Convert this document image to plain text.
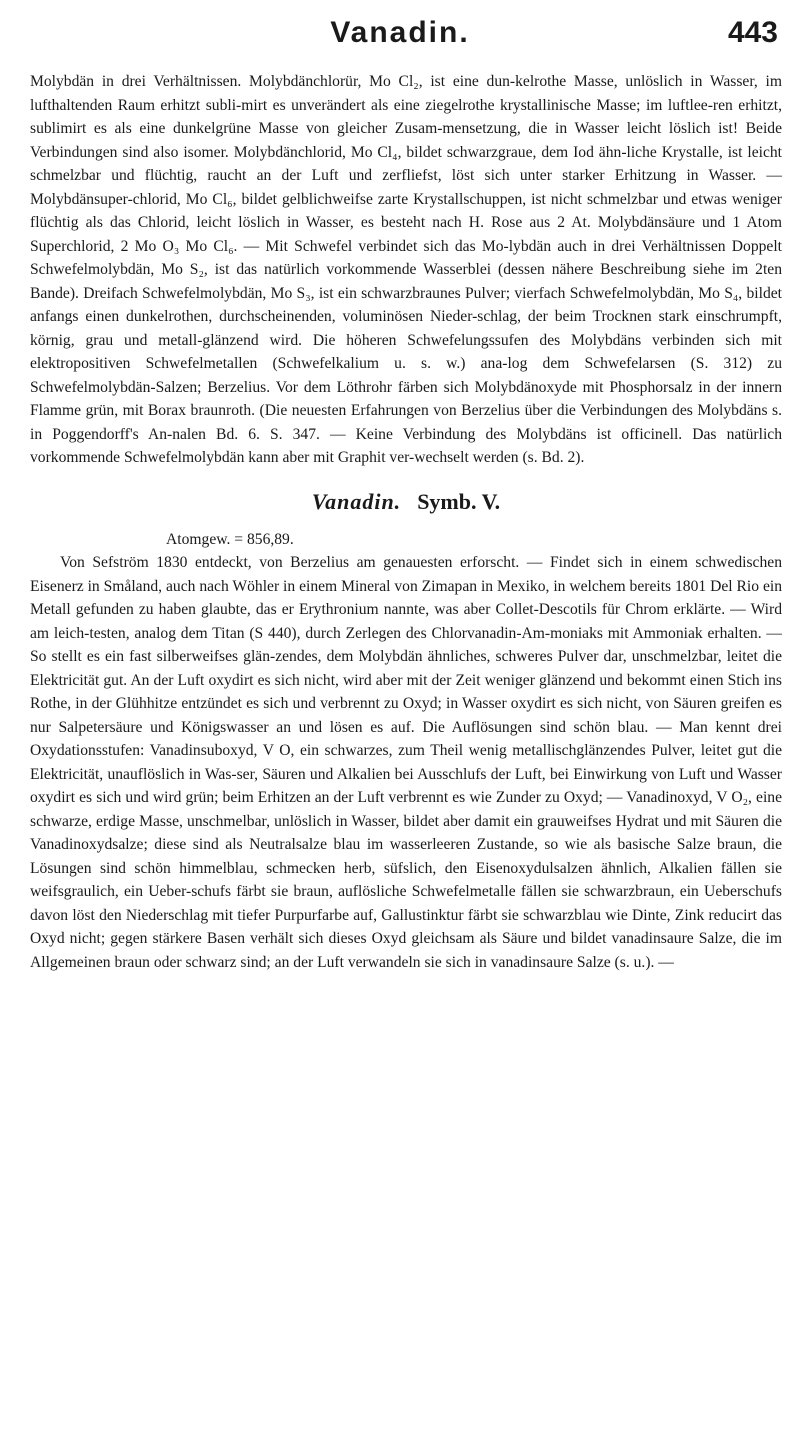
Vanadin.	443

Molybdän in drei Verhältnissen. Molybdänchlorür, Mo Cl₂, ist eine dun-kelrothe Masse, unlöslich in Wasser, im lufthaltenden Raum erhitzt subli-mirt es unverändert als eine ziegelrothe krystallinische Masse; im luftlee-ren erhitzt, sublimirt es als eine dunkelgrüne Masse von gleicher Zusam-mensetzung, die in Wasser leicht löslich ist! Beide Verbindungen sind also isomer. Molybdänchlorid, Mo Cl₄, bildet schwarzgraue, dem Iod ähn-liche Krystalle, ist leicht schmelzbar und flüchtig, raucht an der Luft und zerfliefst, löst sich unter starker Erhitzung in Wasser. — Molybdänsuper-chlorid, Mo Cl₆, bildet gelblichweifse zarte Krystallschuppen, ist nicht schmelzbar und etwas weniger flüchtig als das Chlorid, leicht löslich in Wasser, es besteht nach H. Rose aus 2 At. Molybdänsäure und 1 Atom Superchlorid, 2 Mo O₃ Mo Cl₆. — Mit Schwefel verbindet sich das Mo-lybdän auch in drei Verhältnissen Doppelt Schwefelmolybdän, Mo S₂, ist das natürlich vorkommende Wasserblei (dessen nähere Beschreibung siehe im 2ten Bande). Dreifach Schwefelmolybdän, Mo S₃, ist ein schwarzbraunes Pulver; vierfach Schwefelmolybdän, Mo S₄, bildet anfangs einen dunkelrothen, durchscheinenden, voluminösen Nieder-schlag, der beim Trocknen stark einschrumpft, körnig, grau und metall-glänzend wird. Die höheren Schwefelungssufen des Molybdäns verbinden sich mit elektropositiven Schwefelmetallen (Schwefelkalium u. s. w.) ana-log dem Schwefelarsen (S. 312) zu Schwefelmolybdän-Salzen; Berzelius. Vor dem Löthrohr färben sich Molybdänoxyde mit Phosphorsalz in der innern Flamme grün, mit Borax braunroth. (Die neuesten Erfahrungen von Berzelius über die Verbindungen des Molybdäns s. in Poggendorff's An-nalen Bd. 6. S. 347. — Keine Verbindung des Molybdäns ist officinell. Das natürlich vorkommende Schwefelmolybdän kann aber mit Graphit ver-wechselt werden (s. Bd. 2).

Vanadin. Symb. V.

Atomgew. = 856,89.

Von Sefström 1830 entdeckt, von Berzelius am genauesten erforscht. — Findet sich in einem schwedischen Eisenerz in Småland, auch nach Wöhler in einem Mineral von Zimapan in Mexiko, in welchem bereits 1801 Del Rio ein Metall gefunden zu haben glaubte, das er Erythronium nannte, was aber Collet-Descotils für Chrom erklärte. — Wird am leich-testen, analog dem Titan (S 440), durch Zerlegen des Chlorvanadin-Am-moniaks mit Ammoniak erhalten. — So stellt es ein fast silberweifses glän-zendes, dem Molybdän ähnliches, schweres Pulver dar, unschmelzbar, leitet die Elektricität gut. An der Luft oxydirt es sich nicht, wird aber mit der Zeit weniger glänzend und bekommt einen Stich ins Rothe, in der Glühhitze entzündet es sich und verbrennt zu Oxyd; in Wasser oxydirt es sich nicht, von Säuren greifen es nur Salpetersäure und Königswasser an und lösen es auf. Die Auflösungen sind schön blau. — Man kennt drei Oxydationsstufen: Vanadinsuboxyd, V O, ein schwarzes, zum Theil wenig metallischglänzendes Pulver, leitet gut die Elektricität, unauflöslich in Was-ser, Säuren und Alkalien bei Ausschlufs der Luft, bei Einwirkung von Luft und Wasser oxydirt es sich und wird grün; beim Erhitzen an der Luft verbrennt es wie Zunder zu Oxyd; — Vanadinoxyd, V O₂, eine schwarze, erdige Masse, unschmelbar, unlöslich in Wasser, bildet aber damit ein grauweifses Hydrat und mit Säuren die Vanadinoxydsalze; diese sind als Neutralsalze blau im wasserleeren Zustande, so wie als basische Salze braun, die Lösungen sind schön himmelblau, schmecken herb, süfslich, den Eisenoxydulsalzen ähnlich, Alkalien fällen sie weifsgraulich, ein Ueber-schufs färbt sie braun, auflösliche Schwefelmetalle fällen sie schwarzbraun, ein Ueberschufs davon löst den Niederschlag mit tiefer Purpurfarbe auf, Gallustinktur färbt sie schwarzblau wie Dinte, Zink reducirt das Oxyd nicht; gegen stärkere Basen verhält sich dieses Oxyd gleichsam als Säure und bildet vanadinsaure Salze, die im Allgemeinen braun oder schwarz sind; an der Luft verwandeln sie sich in vanadinsaure Salze (s. u.). —
